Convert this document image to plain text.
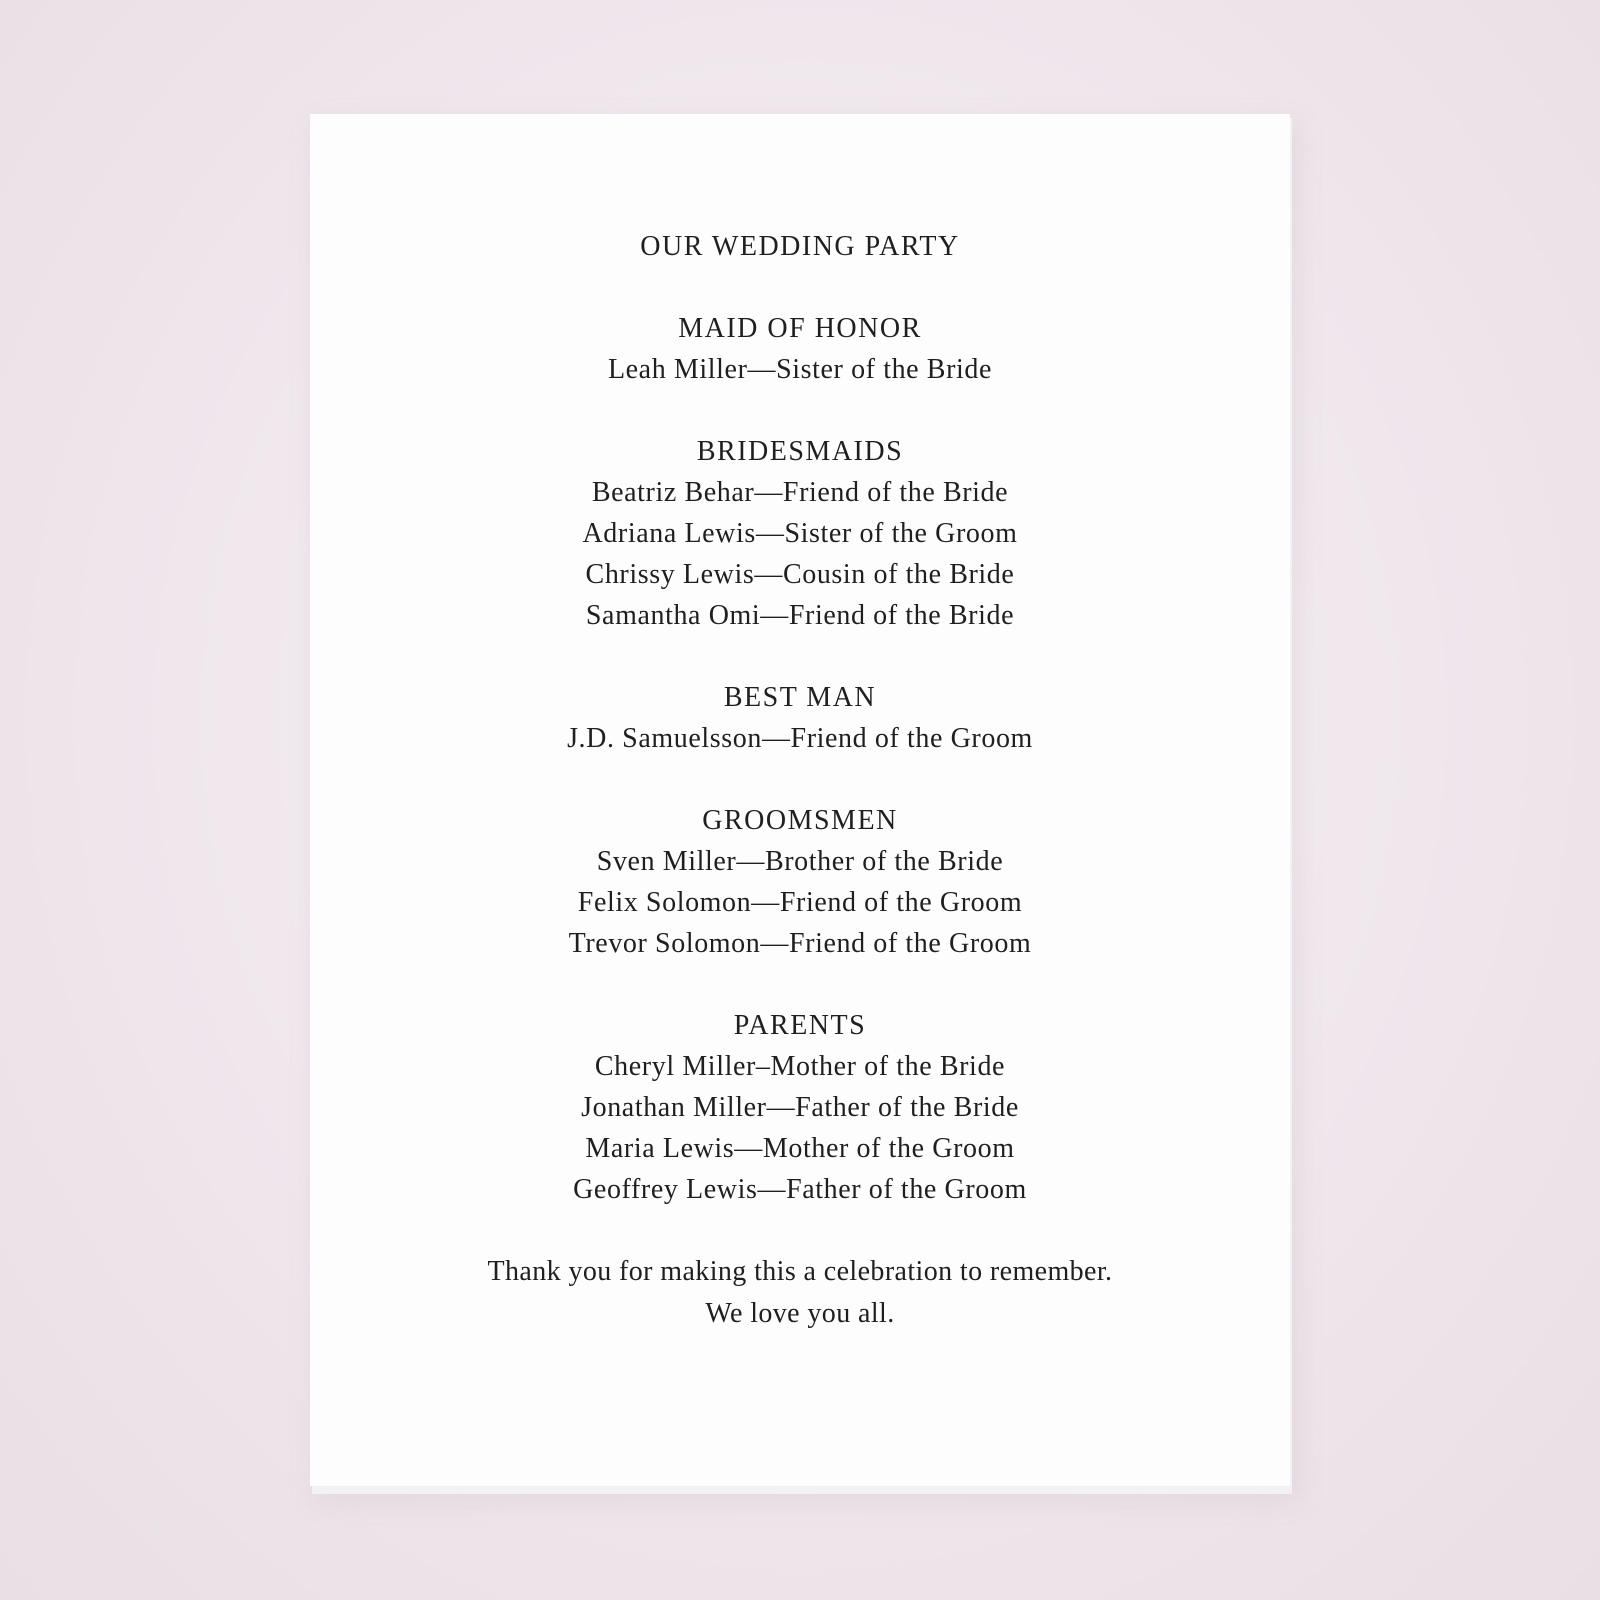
OUR WEDDING PARTY
MAID OF HONOR

Leah Miller—Sister of the Bride

BRIDESMAIDS

Beatriz Behar—Friend of the Bride

Adriana Lewis—Sister of the Groom

Chrissy Lewis—Cousin of the Bride

Samantha Omi—Friend of the Bride

BEST MAN

J.D. Samuelsson—Friend of the Groom

GROOMSMEN

Sven Miller—Brother of the Bride

Felix Solomon—Friend of the Groom

Trevor Solomon—Friend of the Groom

PARENTS

Cheryl Miller–Mother of the Bride

Jonathan Miller—Father of the Bride

Maria Lewis—Mother of the Groom

Geoffrey Lewis—Father of the Groom

Thank you for making this a celebration to remember.

We love you all.
